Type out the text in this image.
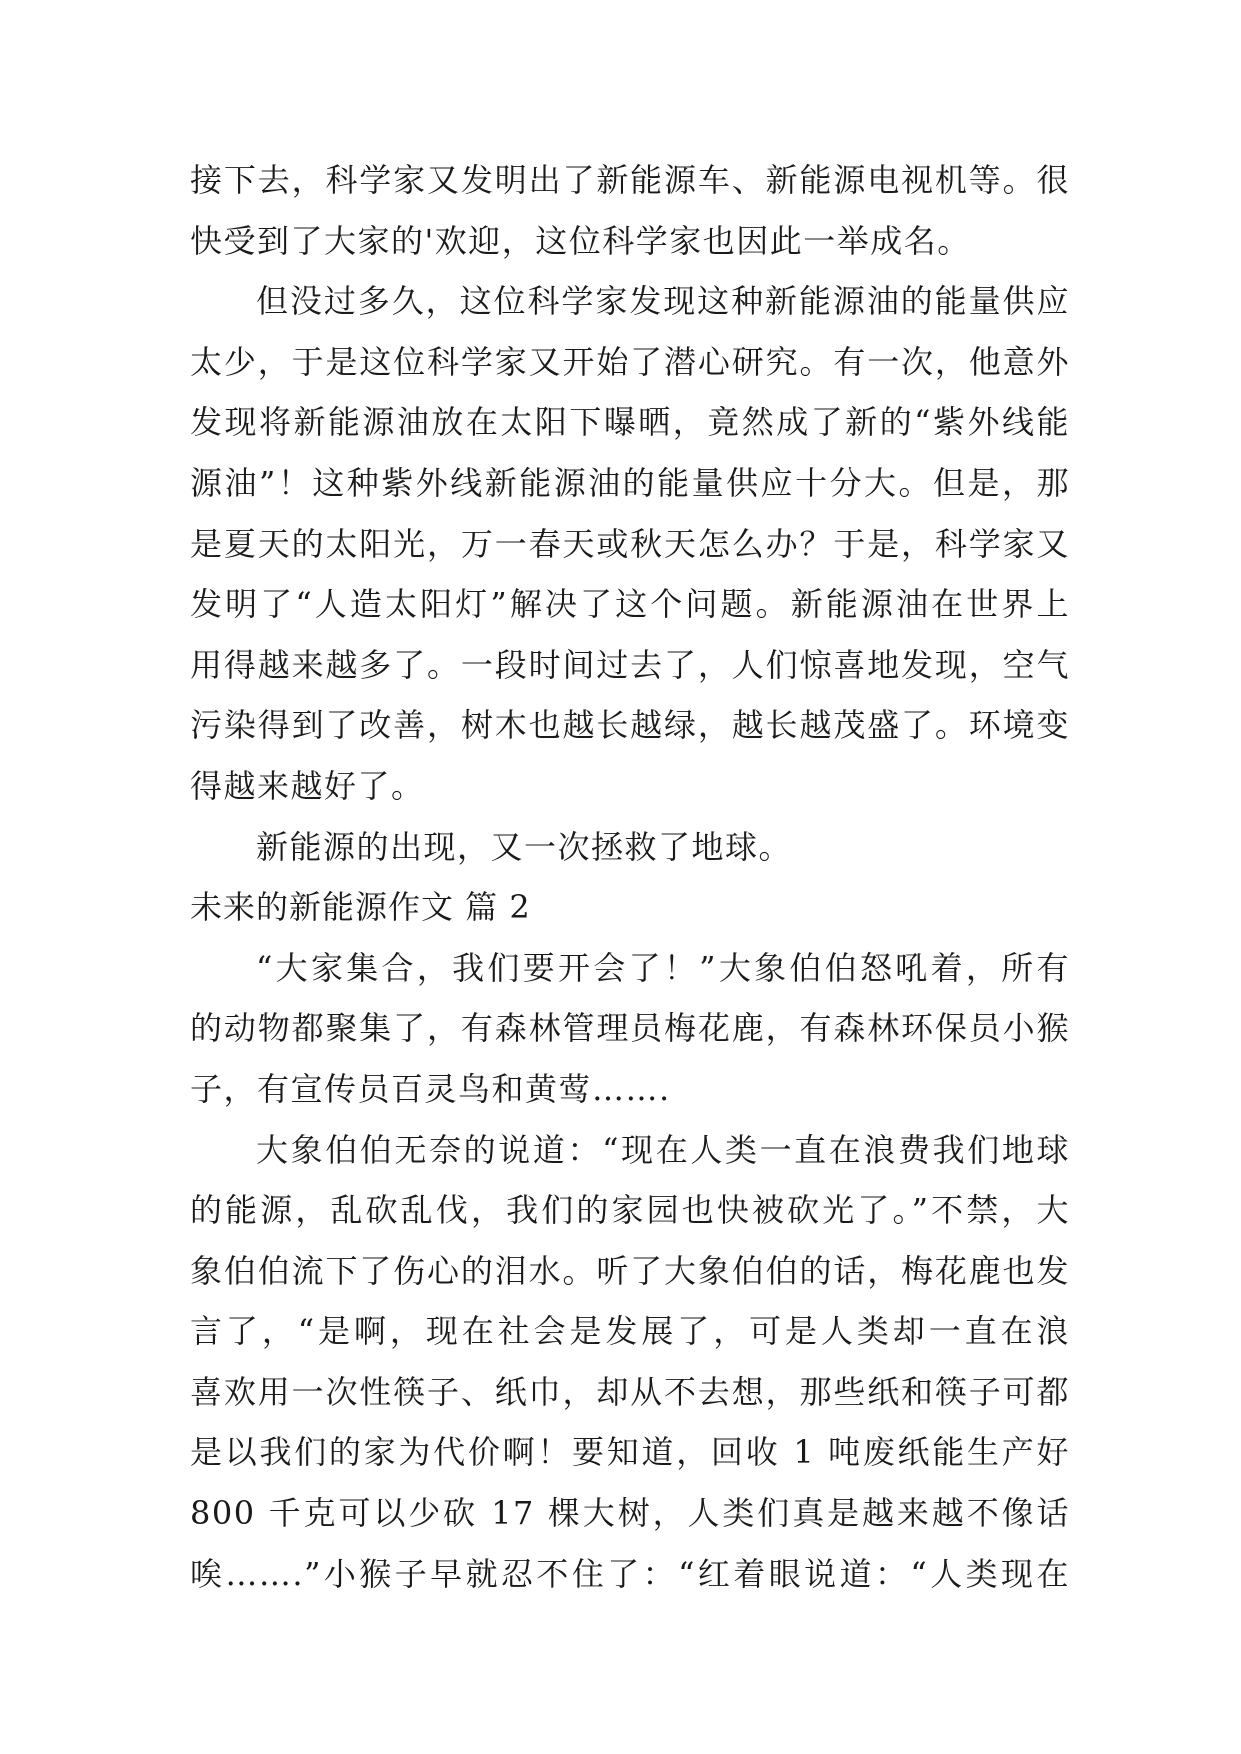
接下去，科学家又发明出了新能源车、新能源电视机等。很
快受到了大家的'欢迎，这位科学家也因此一举成名。
但没过多久，这位科学家发现这种新能源油的能量供应
太少，于是这位科学家又开始了潜心研究。有一次，他意外
发现将新能源油放在太阳下曝晒，竟然成了新的“紫外线能
源油”！这种紫外线新能源油的能量供应十分大。但是，那
是夏天的太阳光，万一春天或秋天怎么办？于是，科学家又
发明了“人造太阳灯”解决了这个问题。新能源油在世界上
用得越来越多了。一段时间过去了，人们惊喜地发现，空气
污染得到了改善，树木也越长越绿，越长越茂盛了。环境变
得越来越好了。
新能源的出现，又一次拯救了地球。
未来的新能源作文 篇 2
“大家集合，我们要开会了！”大象伯伯怒吼着，所有
的动物都聚集了，有森林管理员梅花鹿，有森林环保员小猴
子，有宣传员百灵鸟和黄莺…….
大象伯伯无奈的说道：“现在人类一直在浪费我们地球
的能源，乱砍乱伐，我们的家园也快被砍光了。”不禁，大
象伯伯流下了伤心的泪水。听了大象伯伯的话，梅花鹿也发
言了，“是啊，现在社会是发展了，可是人类却一直在浪
喜欢用一次性筷子、纸巾，却从不去想，那些纸和筷子可都
是以我们的家为代价啊！要知道，回收 1 吨废纸能生产好
800 千克可以少砍 17 棵大树，人类们真是越来越不像话
唉…….”小猴子早就忍不住了：“红着眼说道：“人类现在
